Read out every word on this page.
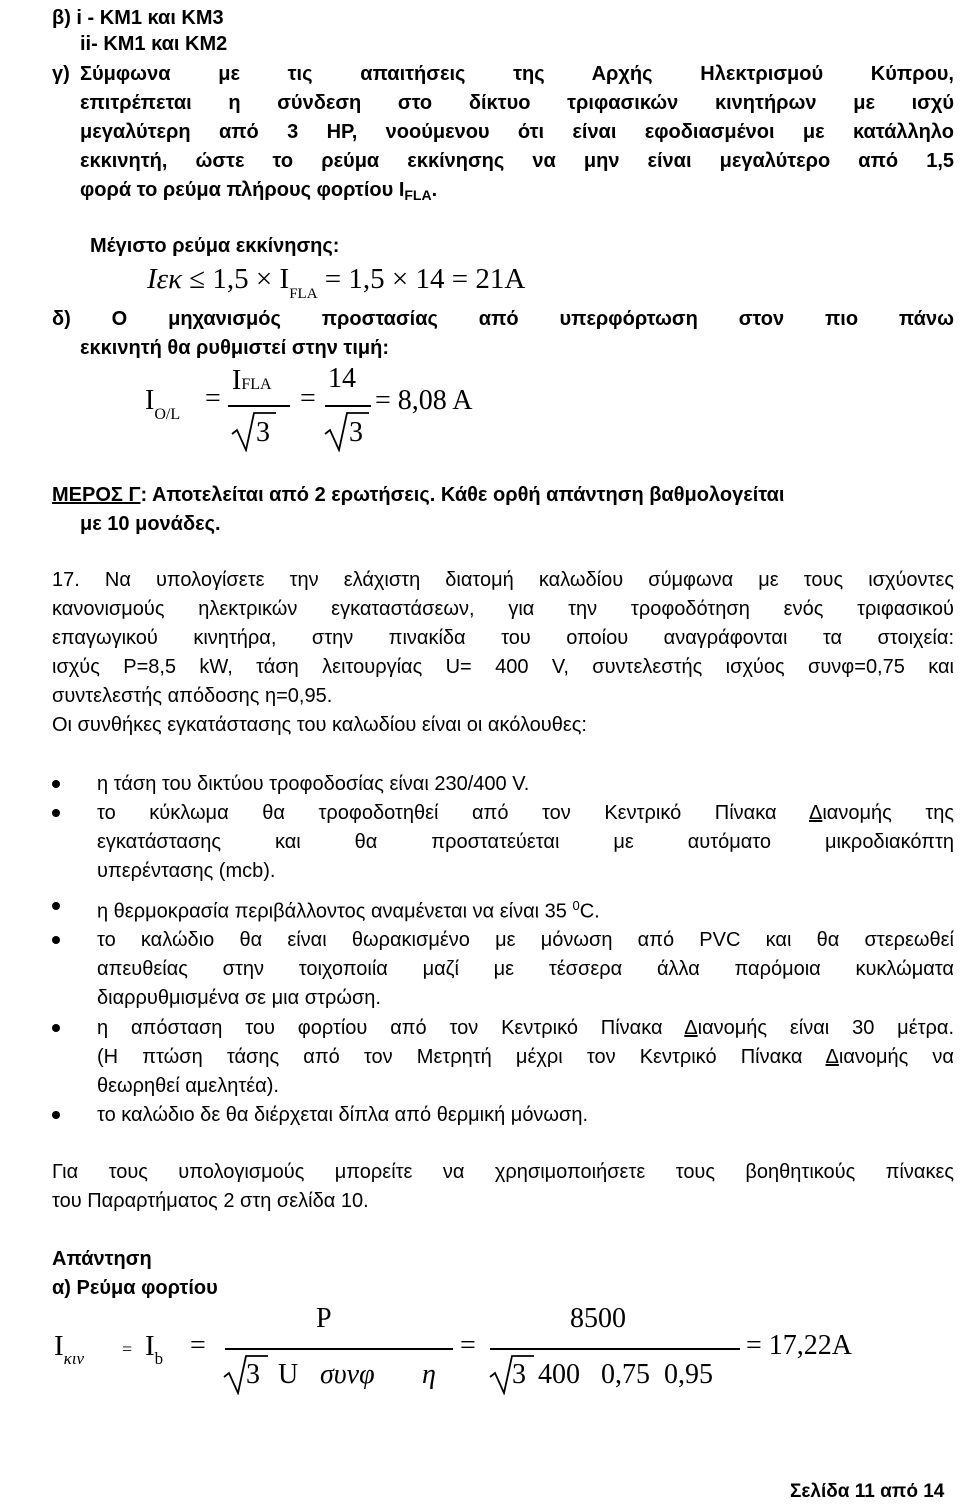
β) i - ΚΜ1 και ΚΜ3
ii- ΚΜ1 και ΚΜ2
γ) Σύμφωνα με τις απαιτήσεις της Αρχής Ηλεκτρισμού Κύπρου,
επιτρέπεται η σύνδεση στο δίκτυο τριφασικών κινητήρων με ισχύ
μεγαλύτερη από 3 HP, νοούμενου ότι είναι εφοδιασμένοι με κατάλληλο
εκκινητή, ώστε το ρεύμα εκκίνησης να μην είναι μεγαλύτερο από 1,5
φορά το ρεύμα πλήρους φορτίου $I_{FLA}$.
Μέγιστο ρεύμα εκκίνησης:
$I\varepsilon\kappa \le 1,5 \times I_{FLA} = 1,5 \times 14 = 21A$
δ) Ο μηχανισμός προστασίας από υπερφόρτωση στον πιο πάνω
εκκινητή θα ρυθμιστεί στην τιμή:
$I_{O/L}$
=
IFLA
3
=
14
3
= 8,08 A
ΜΕΡΟΣ Γ: Αποτελείται από 2 ερωτήσεις. Κάθε ορθή απάντηση βαθμολογείται
με 10 μονάδες.
17. Να υπολογίσετε την ελάχιστη διατομή καλωδίου σύμφωνα με τους ισχύοντες
κανονισμούς ηλεκτρικών εγκαταστάσεων, για την τροφοδότηση ενός τριφασικού
επαγωγικού κινητήρα, στην πινακίδα του οποίου αναγράφονται τα στοιχεία:
ισχύς P=8,5 kW, τάση λειτουργίας U= 400 V, συντελεστής ισχύος συνφ=0,75 και
συντελεστής απόδοσης η=0,95.
Οι συνθήκες εγκατάστασης του καλωδίου είναι οι ακόλουθες:
η τάση του δικτύου τροφοδοσίας είναι 230/400 V.
το κύκλωμα θα τροφοδοτηθεί από τον Κεντρικό Πίνακα Διανομής της
εγκατάστασης και θα προστατεύεται με αυτόματο μικροδιακόπτη
υπερέντασης (mcb).
η θερμοκρασία περιβάλλοντος αναμένεται να είναι 35 $^0$C.
το καλώδιο θα είναι θωρακισμένο με μόνωση από PVC και θα στερεωθεί
απευθείας στην τοιχοποιία μαζί με τέσσερα άλλα παρόμοια κυκλώματα
διαρρυθμισμένα σε μια στρώση.
η απόσταση του φορτίου από τον Κεντρικό Πίνακα Διανομής είναι 30 μέτρα.
(Η πτώση τάσης από τον Μετρητή μέχρι τον Κεντρικό Πίνακα Διανομής να
θεωρηθεί αμελητέα).
το καλώδιο δε θα διέρχεται δίπλα από θερμική μόνωση.
Για τους υπολογισμούς μπορείτε να χρησιμοποιήσετε τους βοηθητικούς πίνακες
του Παραρτήματος 2 στη σελίδα 10.
Απάντηση
α) Ρεύμα φορτίου
$I_{\kappa\iota\nu} = I_b$ =
P
3 U συνφ η
=
8500
3 400   0,75  0,95
= 17,22A
Σελίδα 11 από 14
